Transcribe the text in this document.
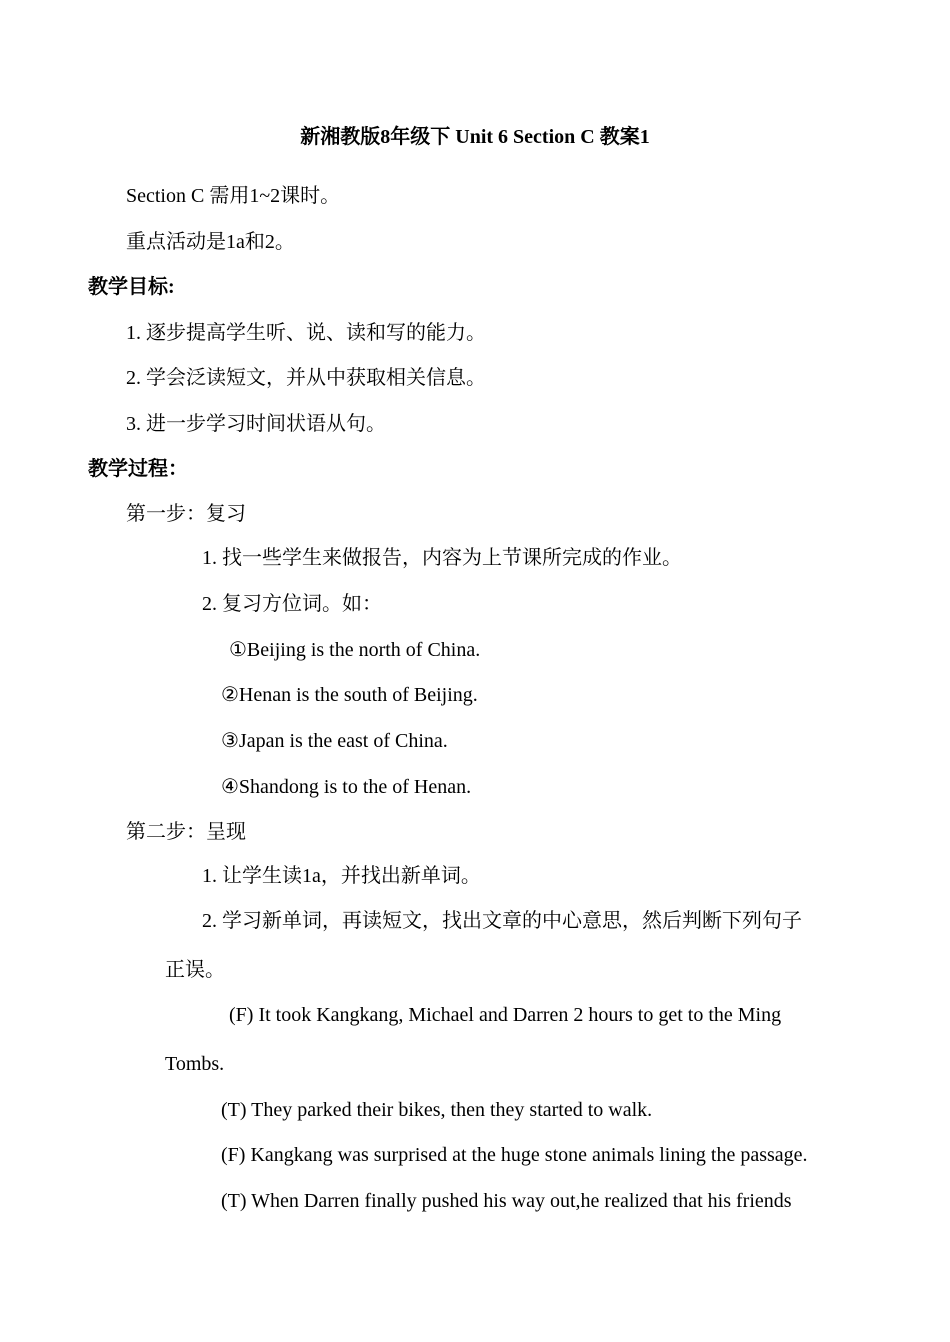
新湘教版8年级下 Unit 6 Section C 教案1
Section C 需用1~2课时。
重点活动是1a和2。
教学目标:
1. 逐步提高学生听、说、读和写的能力。
2. 学会泛读短文，并从中获取相关信息。
3. 进一步学习时间状语从句。
教学过程：
第一步：复习
1. 找一些学生来做报告，内容为上节课所完成的作业。
2. 复习方位词。如：
①Beijing is the north of China.
②Henan is the south of Beijing.
③Japan is the east of China.
④Shandong is to the of Henan.
第二步：呈现
1. 让学生读1a，并找出新单词。
2. 学习新单词，再读短文，找出文章的中心意思，然后判断下列句子
正误。
(F) It took Kangkang, Michael and Darren 2 hours to get to the Ming
Tombs.
(T) They parked their bikes, then they started to walk.
(F) Kangkang was surprised at the huge stone animals lining the passage.
(T) When Darren finally pushed his way out,he realized that his friends
